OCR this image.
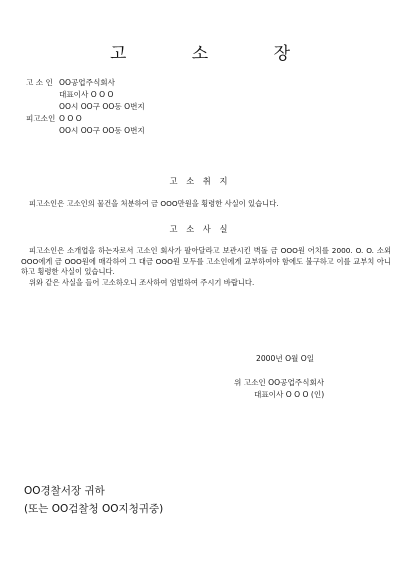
고 소 장
고 소 인 OO공업주식회사
대표이사 O O O
OO시 OO구 OO동 O번지
피고소인 O O O
OO시 OO구 OO동 O번지
고 소 취 지
피고소인은 고소인의 물건을 처분하여 금 OOO만원을 횡령한 사실이 있습니다.
고 소 사 실

피고소인은 소개업을 하는자로서 고소인 회사가 팔아달라고 보관시킨 벽돌 금 OOO원 어치를 2000. O. O. 소외 OOO에게 금 OOO원에 매각하여 그 대금 OOO원 모두를 고소인에게 교부하여야 함에도 불구하고 이를 교부치 아니하고 횡령한 사실이 있습니다.

위와 같은 사실을 들어 고소하오니 조사하여 엄벌하여 주시기 바랍니다.

2000년 O월 O일
위 고소인 OO공업주식회사
대표이사 O O O (인)
OO경찰서장 귀하
(또는 OO검찰청 OO지청귀중)
